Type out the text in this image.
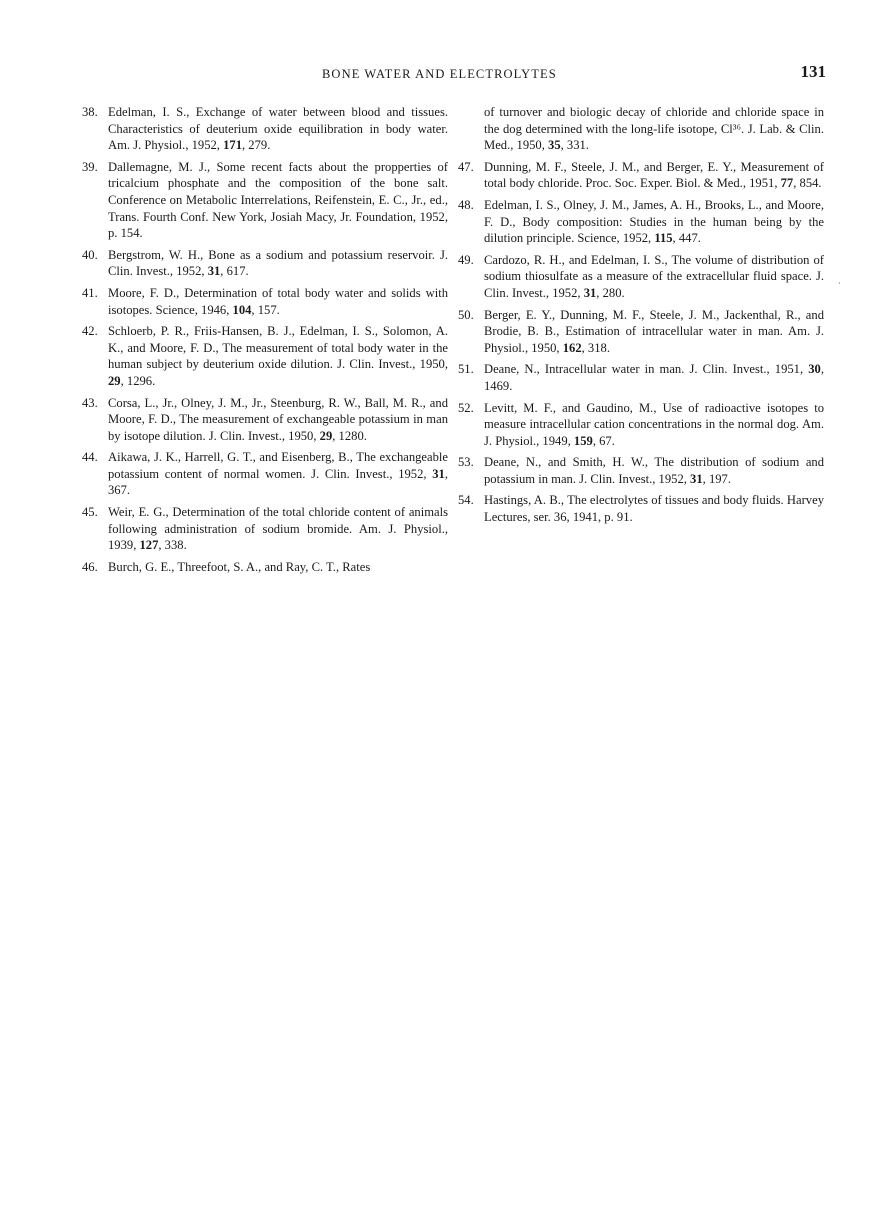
BONE WATER AND ELECTROLYTES	131
38. Edelman, I. S., Exchange of water between blood and tissues. Characteristics of deuterium oxide equilibration in body water. Am. J. Physiol., 1952, 171, 279.
39. Dallemagne, M. J., Some recent facts about the propperties of tricalcium phosphate and the composition of the bone salt. Conference on Metabolic Interrelations, Reifenstein, E. C., Jr., ed., Trans. Fourth Conf. New York, Josiah Macy, Jr. Foundation, 1952, p. 154.
40. Bergstrom, W. H., Bone as a sodium and potassium reservoir. J. Clin. Invest., 1952, 31, 617.
41. Moore, F. D., Determination of total body water and solids with isotopes. Science, 1946, 104, 157.
42. Schloerb, P. R., Friis-Hansen, B. J., Edelman, I. S., Solomon, A. K., and Moore, F. D., The measurement of total body water in the human subject by deuterium oxide dilution. J. Clin. Invest., 1950, 29, 1296.
43. Corsa, L., Jr., Olney, J. M., Jr., Steenburg, R. W., Ball, M. R., and Moore, F. D., The measurement of exchangeable potassium in man by isotope dilution. J. Clin. Invest., 1950, 29, 1280.
44. Aikawa, J. K., Harrell, G. T., and Eisenberg, B., The exchangeable potassium content of normal women. J. Clin. Invest., 1952, 31, 367.
45. Weir, E. G., Determination of the total chloride content of animals following administration of sodium bromide. Am. J. Physiol., 1939, 127, 338.
46. Burch, G. E., Threefoot, S. A., and Ray, C. T., Rates
of turnover and biologic decay of chloride and chloride space in the dog determined with the long-life isotope, Cl³⁶. J. Lab. & Clin. Med., 1950, 35, 331.
47. Dunning, M. F., Steele, J. M., and Berger, E. Y., Measurement of total body chloride. Proc. Soc. Exper. Biol. & Med., 1951, 77, 854.
48. Edelman, I. S., Olney, J. M., James, A. H., Brooks, L., and Moore, F. D., Body composition: Studies in the human being by the dilution principle. Science, 1952, 115, 447.
49. Cardozo, R. H., and Edelman, I. S., The volume of distribution of sodium thiosulfate as a measure of the extracellular fluid space. J. Clin. Invest., 1952, 31, 280.
50. Berger, E. Y., Dunning, M. F., Steele, J. M., Jackenthal, R., and Brodie, B. B., Estimation of intracellular water in man. Am. J. Physiol., 1950, 162, 318.
51. Deane, N., Intracellular water in man. J. Clin. Invest., 1951, 30, 1469.
52. Levitt, M. F., and Gaudino, M., Use of radioactive isotopes to measure intracellular cation concentrations in the normal dog. Am. J. Physiol., 1949, 159, 67.
53. Deane, N., and Smith, H. W., The distribution of sodium and potassium in man. J. Clin. Invest., 1952, 31, 197.
54. Hastings, A. B., The electrolytes of tissues and body fluids. Harvey Lectures, ser. 36, 1941, p. 91.
·
